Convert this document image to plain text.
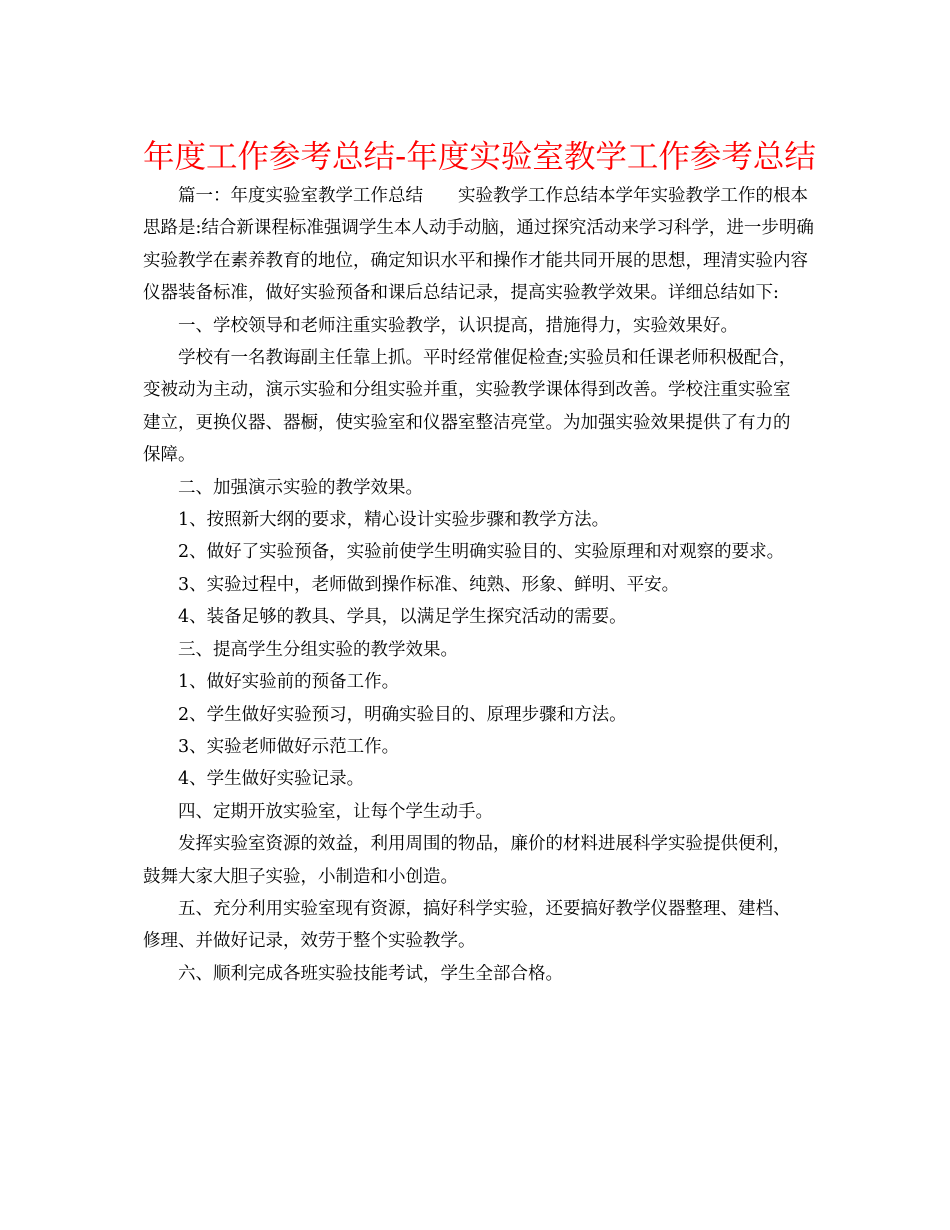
年度工作参考总结-年度实验室教学工作参考总结

篇一：年度实验室教学工作总结　　实验教学工作总结本学年实验教学工作的根本思路是:结合新课程标准强调学生本人动手动脑，通过探究活动来学习科学，进一步明确实验教学在素养教育的地位，确定知识水平和操作才能共同开展的思想，理清实验内容仪器装备标准，做好实验预备和课后总结记录，提高实验教学效果。详细总结如下:

一、学校领导和老师注重实验教学，认识提高，措施得力，实验效果好。

学校有一名教诲副主任靠上抓。平时经常催促检查;实验员和任课老师积极配合，变被动为主动，演示实验和分组实验并重，实验教学课体得到改善。学校注重实验室建立，更换仪器、器橱，使实验室和仪器室整洁亮堂。为加强实验效果提供了有力的保障。

二、加强演示实验的教学效果。

1、按照新大纲的要求，精心设计实验步骤和教学方法。

2、做好了实验预备，实验前使学生明确实验目的、实验原理和对观察的要求。

3、实验过程中，老师做到操作标准、纯熟、形象、鲜明、平安。

4、装备足够的教具、学具，以满足学生探究活动的需要。

三、提高学生分组实验的教学效果。

1、做好实验前的预备工作。

2、学生做好实验预习，明确实验目的、原理步骤和方法。

3、实验老师做好示范工作。

4、学生做好实验记录。

四、定期开放实验室，让每个学生动手。

发挥实验室资源的效益，利用周围的物品，廉价的材料进展科学实验提供便利，鼓舞大家大胆子实验，小制造和小创造。

五、充分利用实验室现有资源，搞好科学实验，还要搞好教学仪器整理、建档、修理、并做好记录，效劳于整个实验教学。

六、顺利完成各班实验技能考试，学生全部合格。
